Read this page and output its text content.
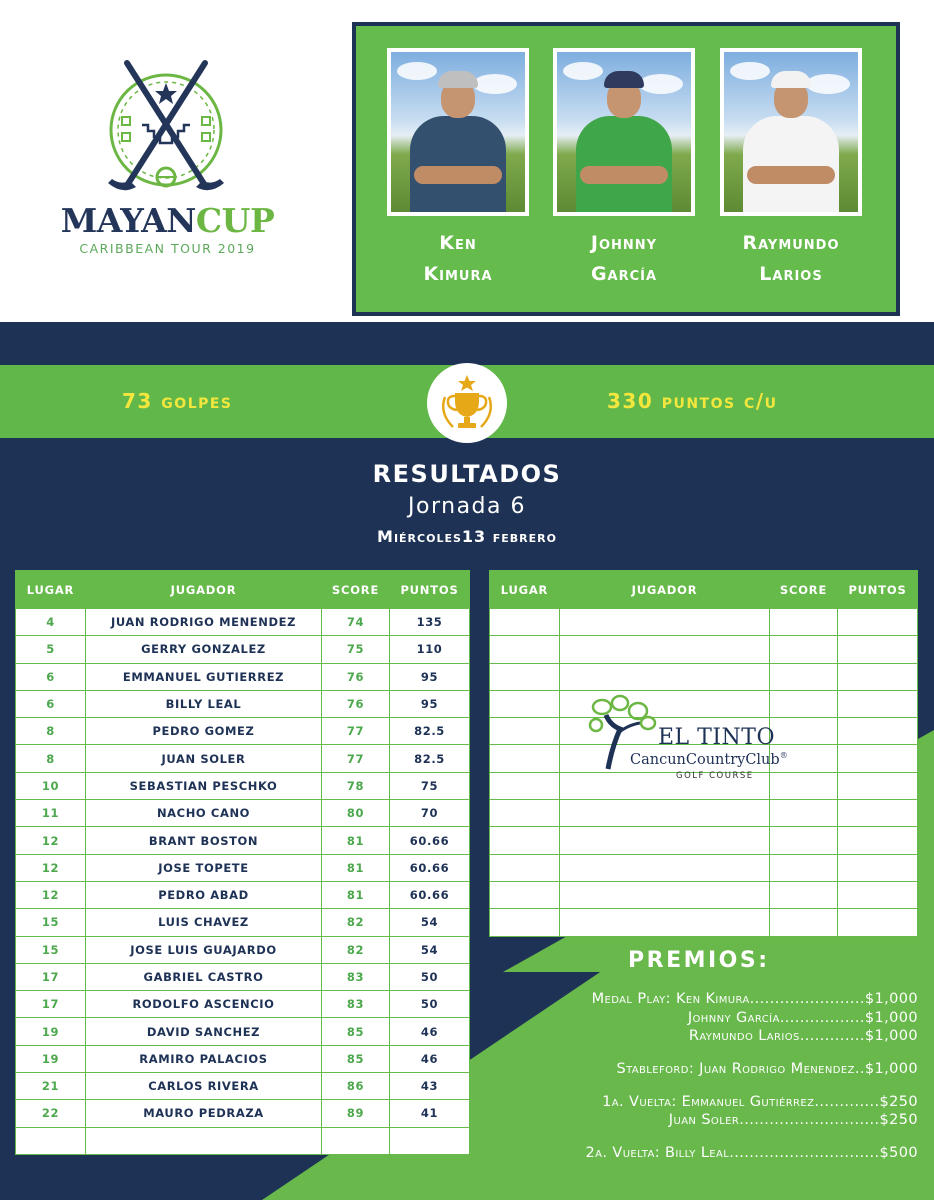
MAYANCUP
CARIBBEAN TOUR 2019	Ken
Kimura
Johnny
García
Raymundo
Larios
73 golpes	330 puntos c/u
RESULTADOS
Jornada 6
Miércoles13 febrero
LUGAR	JUGADOR	SCORE	PUNTOS
4	JUAN RODRIGO MENENDEZ	74	135
5	GERRY GONZALEZ	75	110
6	EMMANUEL GUTIERREZ	76	95
6	BILLY LEAL	76	95
8	PEDRO GOMEZ	77	82.5
8	JUAN SOLER	77	82.5
10	SEBASTIAN PESCHKO	78	75
11	NACHO CANO	80	70
12	BRANT BOSTON	81	60.66
12	JOSE TOPETE	81	60.66
12	PEDRO ABAD	81	60.66
15	LUIS CHAVEZ	82	54
15	JOSE LUIS GUAJARDO	82	54
17	GABRIEL CASTRO	83	50
17	RODOLFO ASCENCIO	83	50
19	DAVID SANCHEZ	85	46
19	RAMIRO PALACIOS	85	46
21	CARLOS RIVERA	86	43
22	MAURO PEDRAZA	89	41

LUGAR	JUGADOR	SCORE	PUNTOS

EL TINTO
CancunCountryClub®
GOLF COURSE
PREMIOS:
Medal Play: Ken Kimura.......................$1,000
Johnny García.................$1,000
Raymundo Larios.............$1,000
Stableford: Juan Rodrigo Menendez..$1,000
1a. Vuelta: Emmanuel Gutiérrez.............$250
Juan Soler............................$250
2a. Vuelta: Billy Leal..............................$500
